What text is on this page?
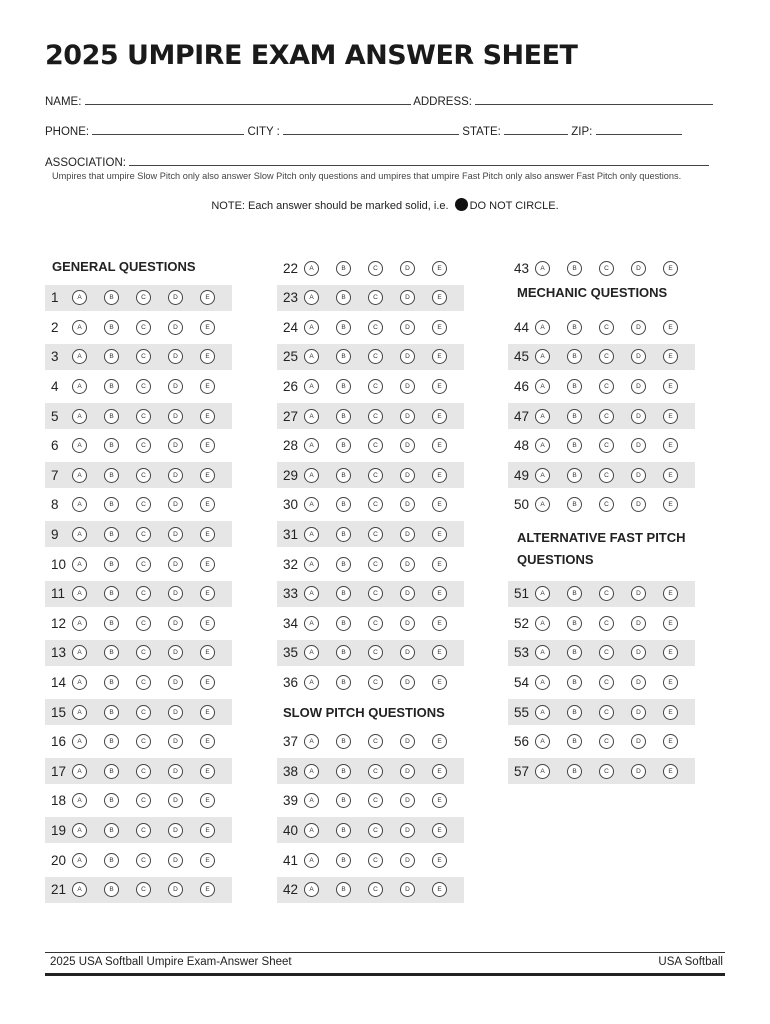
2025 UMPIRE EXAM ANSWER SHEET
NAME:	ADDRESS:
PHONE:	CITY :	STATE:	ZIP:
ASSOCIATION:
Umpires that umpire Slow Pitch only also answer Slow Pitch only questions and umpires that umpire Fast Pitch only also answer Fast Pitch only questions.
NOTE: Each answer should be marked solid, i.e. DO NOT CIRCLE.
GENERAL QUESTIONS
MECHANIC QUESTIONS
ALTERNATIVE FAST PITCH
QUESTIONS
SLOW PITCH QUESTIONS
1	A	B	C	D	E
2	A	B	C	D	E
3	A	B	C	D	E
4	A	B	C	D	E
5	A	B	C	D	E
6	A	B	C	D	E
7	A	B	C	D	E
8	A	B	C	D	E
9	A	B	C	D	E
10	A	B	C	D	E
11	A	B	C	D	E
12	A	B	C	D	E
13	A	B	C	D	E
14	A	B	C	D	E
15	A	B	C	D	E
16	A	B	C	D	E
17	A	B	C	D	E
18	A	B	C	D	E
19	A	B	C	D	E
20	A	B	C	D	E
21	A	B	C	D	E
22	A	B	C	D	E
23	A	B	C	D	E
24	A	B	C	D	E
25	A	B	C	D	E
26	A	B	C	D	E
27	A	B	C	D	E
28	A	B	C	D	E
29	A	B	C	D	E
30	A	B	C	D	E
31	A	B	C	D	E
32	A	B	C	D	E
33	A	B	C	D	E
34	A	B	C	D	E
35	A	B	C	D	E
36	A	B	C	D	E
37	A	B	C	D	E
38	A	B	C	D	E
39	A	B	C	D	E
40	A	B	C	D	E
41	A	B	C	D	E
42	A	B	C	D	E
43	A	B	C	D	E
44	A	B	C	D	E
45	A	B	C	D	E
46	A	B	C	D	E
47	A	B	C	D	E
48	A	B	C	D	E
49	A	B	C	D	E
50	A	B	C	D	E
51	A	B	C	D	E
52	A	B	C	D	E
53	A	B	C	D	E
54	A	B	C	D	E
55	A	B	C	D	E
56	A	B	C	D	E
57	A	B	C	D	E
2025 USA Softball Umpire Exam-Answer Sheet	USA Softball
